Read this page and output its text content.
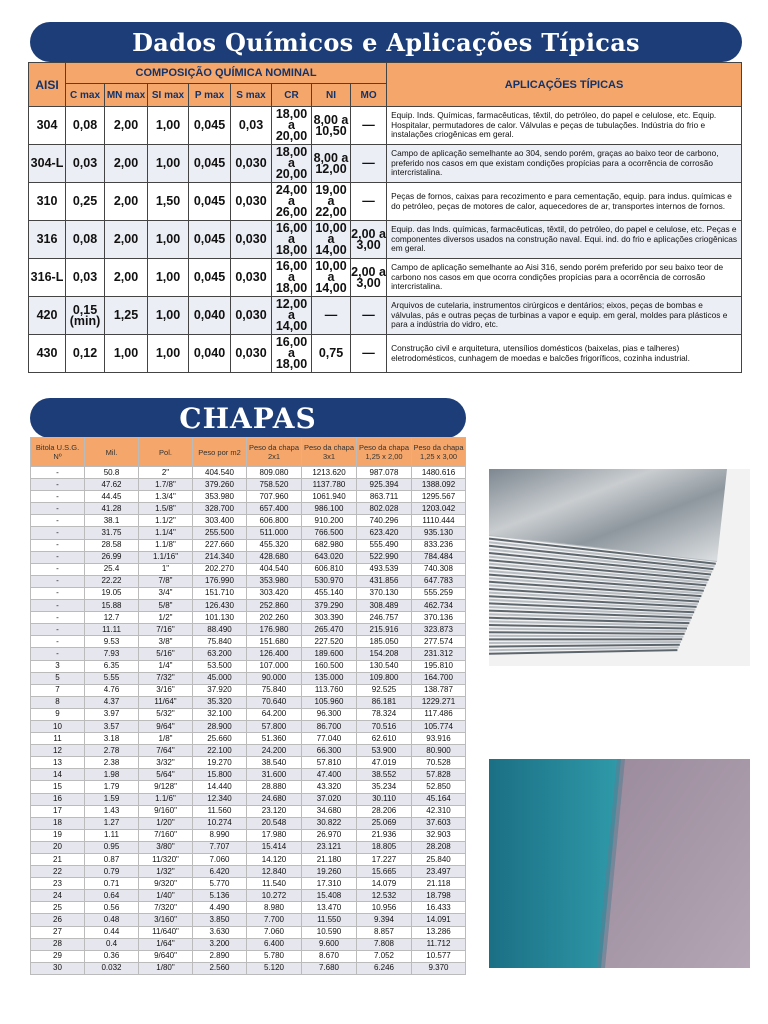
Dados Químicos e Aplicações Típicas
AISI	COMPOSIÇÃO QUÍMICA NOMINAL								APLICAÇÕES TÍPICAS
	C max	MN max	SI max	P max	S max	CR	NI	MO	
304	0,08	2,00	1,00	0,045	0,03	18,00 a 20,00	8,00 a 10,50	—	Equip. Inds. Químicas, farmacêuticas, têxtil, do petróleo, do papel e celulose, etc. Equip. Hospitalar, permutadores de calor. Válvulas e peças de tubulações. Indústria do frio e instalações criogênicas em geral.
304-L	0,03	2,00	1,00	0,045	0,030	18,00 a 20,00	8,00 a 12,00	—	Campo de aplicação semelhante ao 304, sendo porém, graças ao baixo teor de carbono, preferido nos casos em que existam condições propícias para a ocorrência de corrosão intercristalina.
310	0,25	2,00	1,50	0,045	0,030	24,00 a 26,00	19,00 a 22,00	—	Peças de fornos, caixas para recozimento e para cementação, equip. para indus. químicas e do petróleo, peças de motores de calor, aquecedores de ar, transportes internos de fornos.
316	0,08	2,00	1,00	0,045	0,030	16,00 a 18,00	10,00 a 14,00	2,00 a 3,00	Equip. das Inds. químicas, farmacêuticas, têxtil, do petróleo, do papel e celulose, etc. Peças e componentes diversos usados na construção naval. Equi. ind. do frio e aplicações criogênicas em geral.
316-L	0,03	2,00	1,00	0,045	0,030	16,00 a 18,00	10,00 a 14,00	2,00 a 3,00	Campo de aplicação semelhante ao Aisi 316, sendo porém preferido por seu baixo teor de carbono nos casos em que ocorra condições propícias para a ocorrência de corrosão intercristalina.
420	0,15 (min)	1,25	1,00	0,040	0,030	12,00 a 14,00	—	—	Arquivos de cutelaria, instrumentos cirúrgicos e dentários; eixos, peças de bombas e válvulas, pás e outras peças de turbinas a vapor e equip. em geral, moldes para plásticos e para a indústria do vidro, etc.
430	0,12	1,00	1,00	0,040	0,030	16,00 a 18,00	0,75	—	Construção civil e arquitetura, utensílios domésticos (baixelas, pias e talheres) eletrodomésticos, cunhagem de moedas e balcões frigoríficos, cozinha industrial.
CHAPAS
Bitola U.S.G. Nº	Mil.	Pol.	Peso por m2	Peso da chapa 2x1	Peso da chapa 3x1	Peso da chapa 1,25 x 2,00	Peso da chapa 1,25 x 3,00
-	50.8	2"	404.540	809.080	1213.620	987.078	1480.616
-	47.62	1.7/8"	379.260	758.520	1137.780	925.394	1388.092
-	44.45	1.3/4"	353.980	707.960	1061.940	863.711	1295.567
-	41.28	1.5/8"	328.700	657.400	986.100	802.028	1203.042
-	38.1	1.1/2"	303.400	606.800	910.200	740.296	1110.444
-	31.75	1.1/4"	255.500	511.000	766.500	623.420	935.130
-	28.58	1.1/8"	227.660	455.320	682.980	555.490	833.236
-	26.99	1.1/16"	214.340	428.680	643.020	522.990	784.484
-	25.4	1"	202.270	404.540	606.810	493.539	740.308
-	22.22	7/8"	176.990	353.980	530.970	431.856	647.783
-	19.05	3/4"	151.710	303.420	455.140	370.130	555.259
-	15.88	5/8"	126.430	252.860	379.290	308.489	462.734
-	12.7	1/2"	101.130	202.260	303.390	246.757	370.136
-	11.11	7/16"	88.490	176.980	265.470	215.916	323.873
-	9.53	3/8"	75.840	151.680	227.520	185.050	277.574
-	7.93	5/16"	63.200	126.400	189.600	154.208	231.312
3	6.35	1/4"	53.500	107.000	160.500	130.540	195.810
5	5.55	7/32"	45.000	90.000	135.000	109.800	164.700
7	4.76	3/16"	37.920	75.840	113.760	92.525	138.787
8	4.37	11/64"	35.320	70.640	105.960	86.181	1229.271
9	3.97	5/32"	32.100	64.200	96.300	78.324	117.486
10	3.57	9/64"	28.900	57.800	86.700	70.516	105.774
11	3.18	1/8"	25.660	51.360	77.040	62.610	93.916
12	2.78	7/64"	22.100	24.200	66.300	53.900	80.900
13	2.38	3/32"	19.270	38.540	57.810	47.019	70.528
14	1.98	5/64"	15.800	31.600	47.400	38.552	57.828
15	1.79	9/128"	14.440	28.880	43.320	35.234	52.850
16	1.59	1.1/6"	12.340	24.680	37.020	30.110	45.164
17	1.43	9/160"	11.560	23.120	34.680	28.206	42.310
18	1.27	1/20"	10.274	20.548	30.822	25.069	37.603
19	1.11	7/160"	8.990	17.980	26.970	21.936	32.903
20	0.95	3/80"	7.707	15.414	23.121	18.805	28.208
21	0.87	11/320"	7.060	14.120	21.180	17.227	25.840
22	0.79	1/32"	6.420	12.840	19.260	15.665	23.497
23	0.71	9/320"	5.770	11.540	17.310	14.079	21.118
24	0.64	1/40"	5.136	10.272	15.408	12.532	18.798
25	0.56	7/320"	4.490	8.980	13.470	10.956	16.433
26	0.48	3/160"	3.850	7.700	11.550	9.394	14.091
27	0.44	11/640"	3.630	7.060	10.590	8.857	13.286
28	0.4	1/64"	3.200	6.400	9.600	7.808	11.712
29	0.36	9/640"	2.890	5.780	8.670	7.052	10.577
30	0.032	1/80"	2.560	5.120	7.680	6.246	9.370
